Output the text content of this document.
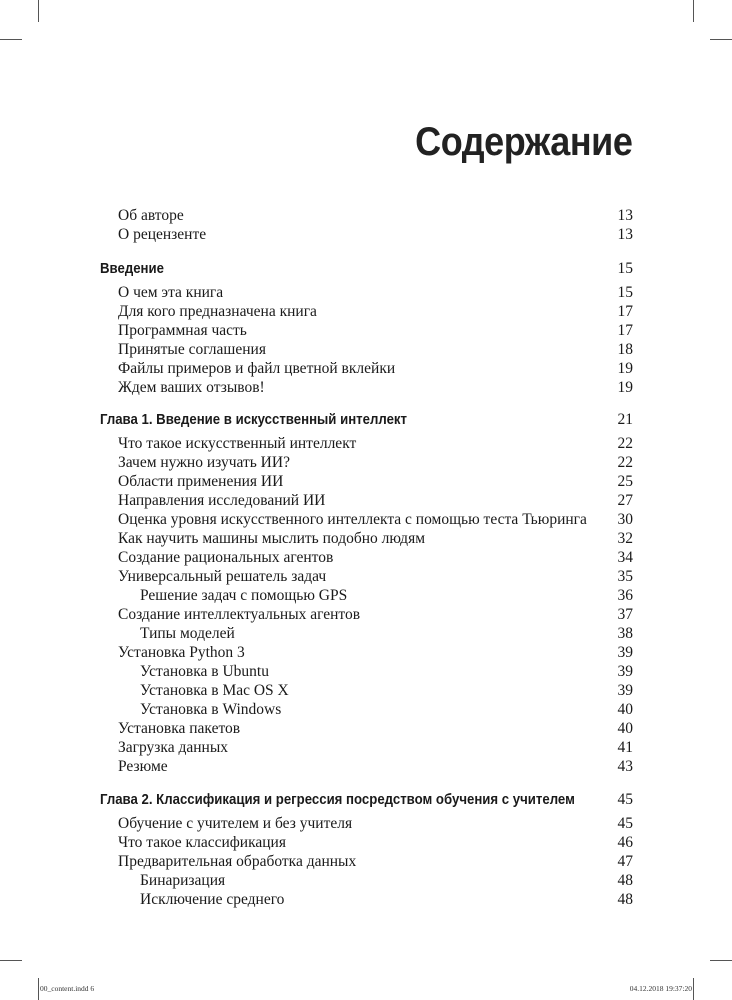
Содержание
Об авторе	13
О рецензенте	13
Введение	15
О чем эта книга	15
Для кого предназначена книга	17
Программная часть	17
Принятые соглашения	18
Файлы примеров и файл цветной вклейки	19
Ждем ваших отзывов!	19
Глава 1. Введение в искусственный интеллект	21
Что такое искусственный интеллект	22
Зачем нужно изучать ИИ?	22
Области применения ИИ	25
Направления исследований ИИ	27
Оценка уровня искусственного интеллекта с помощью теста Тьюринга 30
Как научить машины мыслить подобно людям	32
Создание рациональных агентов	34
Универсальный решатель задач	35
Решение задач с помощью GPS	36
Создание интеллектуальных агентов	37
Типы моделей	38
Установка Python 3	39
Установка в Ubuntu	39
Установка в Mac OS X	39
Установка в Windows	40
Установка пакетов	40
Загрузка данных	41
Резюме	43
Глава 2. Классификация и регрессия посредством обучения с учителем	45
Обучение с учителем и без учителя	45
Что такое классификация	46
Предварительная обработка данных	47
Бинаризация	48
Исключение среднего	48
00_content.indd 6	04.12.2018 19:37:20
